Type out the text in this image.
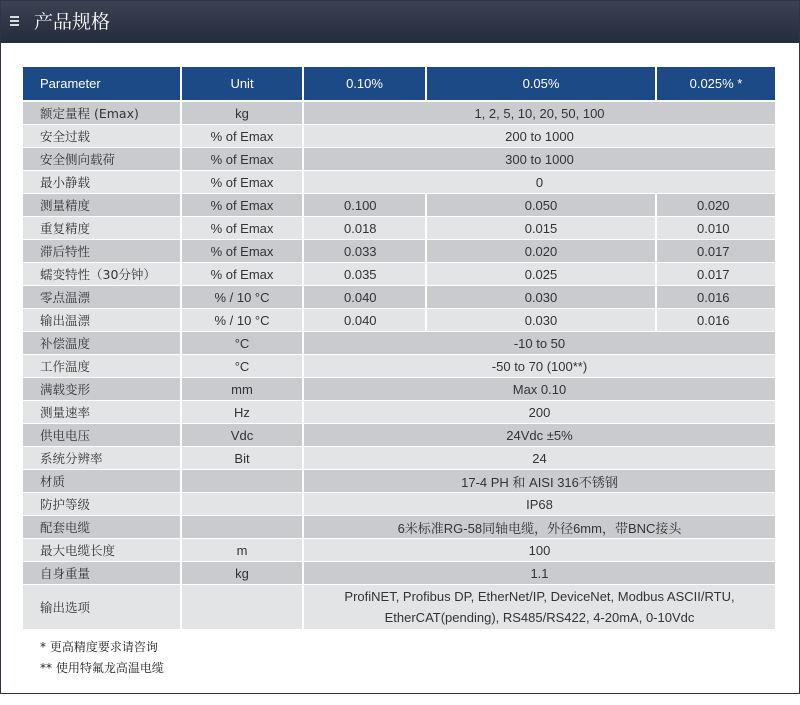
产品规格
Parameter	Unit	0.10%	0.05%	0.025% *
额定量程 (Emax)	kg	1, 2, 5, 10, 20, 50, 100		
安全过载	% of Emax	200 to 1000		
安全侧向载荷	% of Emax	300 to 1000		
最小静载	% of Emax	0		
测量精度	% of Emax	0.100	0.050	0.020
重复精度	% of Emax	0.018	0.015	0.010
滞后特性	% of Emax	0.033	0.020	0.017
蠕变特性（30分钟）	% of Emax	0.035	0.025	0.017
零点温漂	% / 10 °C	0.040	0.030	0.016
输出温漂	% / 10 °C	0.040	0.030	0.016
补偿温度	°C	-10 to 50		
工作温度	°C	-50 to 70 (100**)		
满载变形	mm	Max 0.10		
测量速率	Hz	200		
供电电压	Vdc	24Vdc ±5%		
系统分辨率	Bit	24		
材质		17-4 PH 和 AISI 316不锈钢		
防护等级		IP68		
配套电缆		6米标准RG-58同轴电缆，外径6mm，带BNC接头		
最大电缆长度	m	100		
自身重量	kg	1.1		
输出选项		ProfiNET, Profibus DP, EtherNet/IP, DeviceNet, Modbus ASCII/RTU,
EtherCAT(pending), RS485/RS422, 4-20mA, 0-10Vdc		
* 更高精度要求请咨询
** 使用特氟龙高温电缆
